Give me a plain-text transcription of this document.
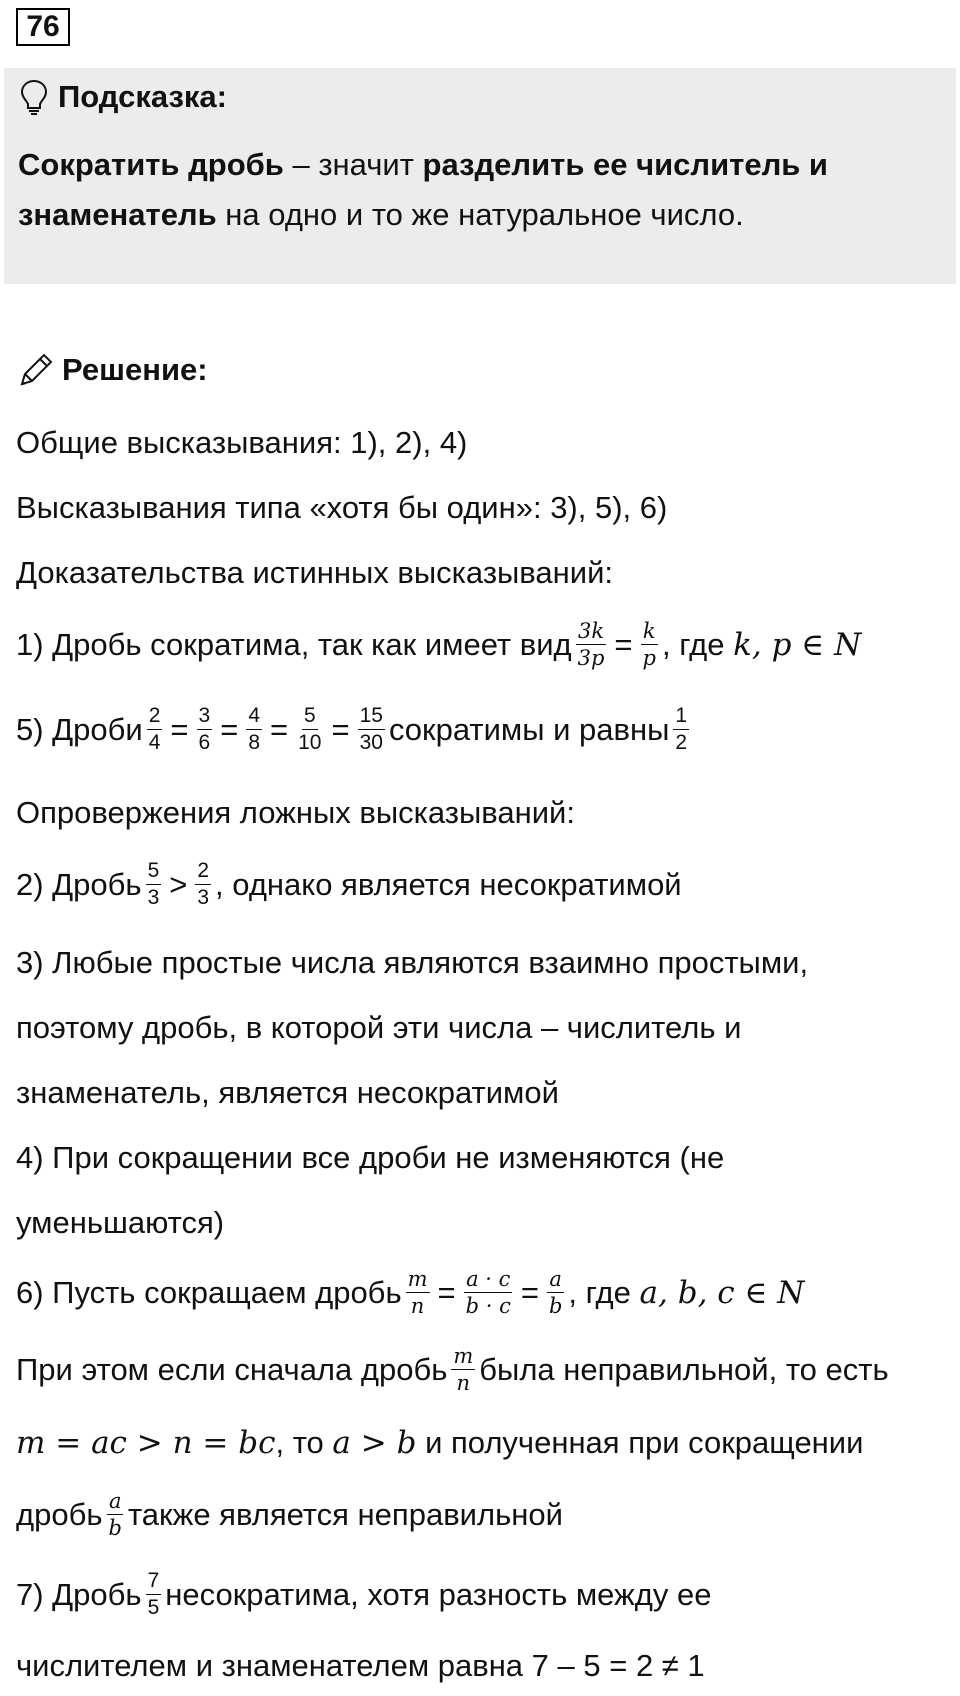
76
Подсказка:
Сократить дробь – значит разделить ее числитель и знаменатель на одно и то же натуральное число.
Решение:
Общие высказывания: 1), 2), 4)
Высказывания типа «хотя бы один»: 3), 5), 6)
Доказательства истинных высказываний:
1) Дробь сократима, так как имеет вид $\frac{3k}{3p} = \frac{k}{p}$ , где
k, p ∈ N
5) Дроби $\frac{2}{4} = \frac{3}{6} = \frac{4}{8} = \frac{5}{10} = \frac{15}{30}$ сократимы и равны $\frac{1}{2}$
Опровержения ложных высказываний:
2) Дробь $\frac{5}{3} > \frac{2}{3}$ , однако является несократимой
3) Любые простые числа являются взаимно простыми,
поэтому дробь, в которой эти числа – числитель и
знаменатель, является несократимой
4) При сокращении все дроби не изменяются (не
уменьшаются)
6) Пусть сокращаем дробь $\frac{m}{n} = \frac{a \cdot c}{b \cdot c} = \frac{a}{b}$ , где
a, b, c ∈ N
При этом если сначала дробь $\frac{m}{n}$ была неправильной, то есть
m = ac > n = bc , то
a > b
и полученная при сокращении
дробь $\frac{a}{b}$ также является неправильной
7) Дробь $\frac{7}{5}$ несократима, хотя разность между ее
числителем и знаменателем равна 7 – 5 = 2 ≠ 1
